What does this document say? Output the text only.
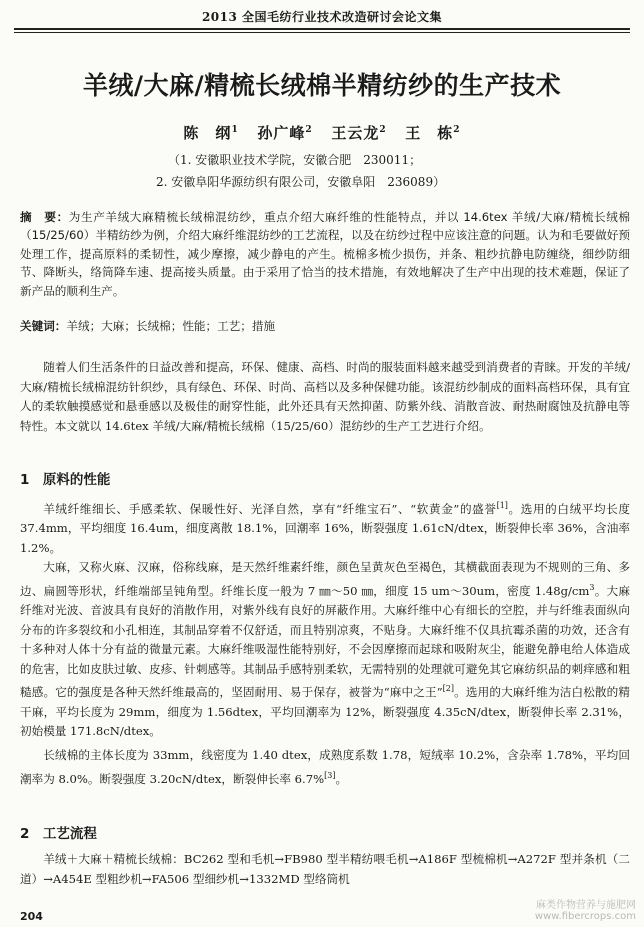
2013 全国毛纺行业技术改造研讨会论文集
羊绒/大麻/精梳长绒棉半精纺纱的生产技术
陈　纲$^1$ 孙广峰$^2$ 王云龙$^2$ 王　栋$^2$
（1. 安徽职业技术学院，安徽合肥　230011；
2. 安徽阜阳华源纺织有限公司，安徽阜阳　236089）
摘　要：为生产羊绒大麻精梳长绒棉混纺纱，重点介绍大麻纤维的性能特点，并以 14.6tex 羊绒/大麻/精梳长绒棉（15/25/60）半精纺纱为例，介绍大麻纤维混纺纱的工艺流程，以及在纺纱过程中应该注意的问题。认为和毛要做好预处理工作，提高原料的柔韧性，减少摩擦，减少静电的产生。梳棉多梳少损伤，并条、粗纱抗静电防缠绕，细纱防细节、降断头，络筒降车速、提高接头质量。由于采用了恰当的技术措施，有效地解决了生产中出现的技术难题，保证了新产品的顺利生产。
关键词：羊绒；大麻；长绒棉；性能；工艺；措施

随着人们生活条件的日益改善和提高，环保、健康、高档、时尚的服装面料越来越受到消费者的青睐。开发的羊绒/大麻/精梳长绒棉混纺针织纱，具有绿色、环保、时尚、高档以及多种保健功能。该混纺纱制成的面料高档环保，具有宜人的柔软触摸感觉和悬垂感以及极佳的耐穿性能，此外还具有天然抑菌、防紫外线、消散音波、耐热耐腐蚀及抗静电等特性。本文就以 14.6tex 羊绒/大麻/精梳长绒棉（15/25/60）混纺纱的生产工艺进行介绍。

1　原料的性能

羊绒纤维细长、手感柔软、保暖性好、光泽自然，享有“纤维宝石”、“软黄金”的盛誉[1]。选用的白绒平均长度 37.4mm，平均细度 16.4um，细度离散 18.1%，回潮率 16%，断裂强度 1.61cN/dtex，断裂伸长率 36%，含油率 1.2%。

大麻，又称火麻、汉麻，俗称线麻，是天然纤维素纤维，颜色呈黄灰色至褐色，其横截面表现为不规则的三角、多边、扁圆等形状，纤维端部呈钝角型。纤维长度一般为 7 ㎜～50 ㎜，细度 15 um～30um，密度 1.48g/cm$^3$。大麻纤维对光波、音波具有良好的消散作用，对紫外线有良好的屏蔽作用。大麻纤维中心有细长的空腔，并与纤维表面纵向分布的许多裂纹和小孔相连，其制品穿着不仅舒适，而且特别凉爽，不贴身。大麻纤维不仅具抗霉杀菌的功效，还含有十多种对人体十分有益的微量元素。大麻纤维吸湿性能特别好，不会因摩擦而起球和吸附灰尘，能避免静电给人体造成的危害，比如皮肤过敏、皮疹、针刺感等。其制品手感特别柔软，无需特别的处理就可避免其它麻纺织品的刺痒感和粗糙感。它的强度是各种天然纤维最高的，坚固耐用、易于保存，被誉为“麻中之王”[2]。选用的大麻纤维为洁白松散的精干麻，平均长度为 29mm，细度为 1.56dtex，平均回潮率为 12%，断裂强度 4.35cN/dtex，断裂伸长率 2.31%，初始模量 171.8cN/dtex。

长绒棉的主体长度为 33mm，线密度为 1.40 dtex，成熟度系数 1.78，短绒率 10.2%，含杂率 1.78%，平均回潮率为 8.0%。断裂强度 3.20cN/dtex，断裂伸长率 6.7%[3]。

2　工艺流程

羊绒＋大麻＋精梳长绒棉：BC262 型和毛机→FB980 型半精纺喂毛机→A186F 型梳棉机→A272F 型并条机（二道）→A454E 型粗纱机→FA506 型细纱机→1332MD 型络筒机

204
麻类作物营养与施肥网
www.fibercrops.com
